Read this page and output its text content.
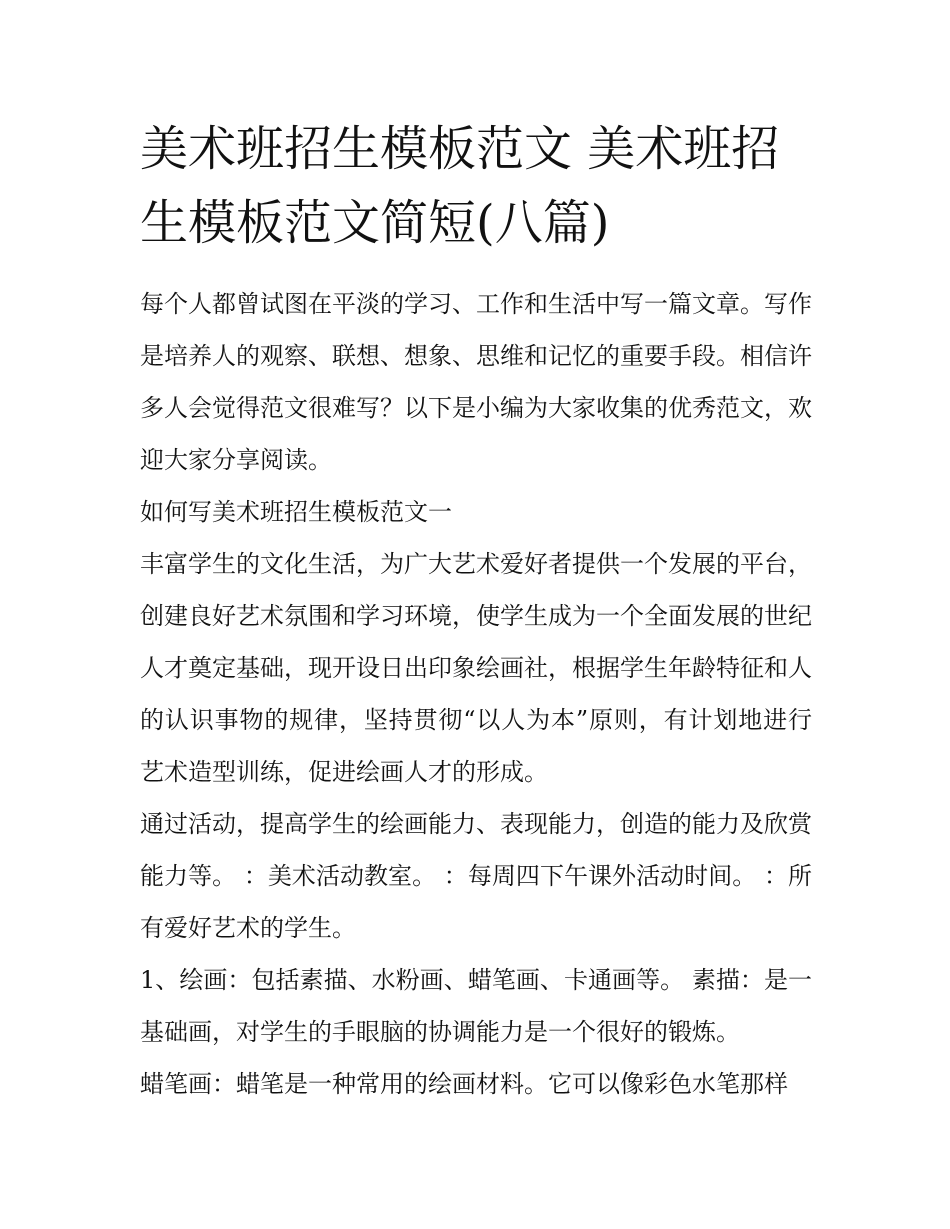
美术班招生模板范文 美术班招生模板范文简短(八篇)

每个人都曾试图在平淡的学习、工作和生活中写一篇文章。写作是培养人的观察、联想、想象、思维和记忆的重要手段。相信许多人会觉得范文很难写？以下是小编为大家收集的优秀范文，欢迎大家分享阅读。

如何写美术班招生模板范文一

丰富学生的文化生活，为广大艺术爱好者提供一个发展的平台，创建良好艺术氛围和学习环境，使学生成为一个全面发展的世纪人才奠定基础，现开设日出印象绘画社，根据学生年龄特征和人的认识事物的规律，坚持贯彻“以人为本”原则，有计划地进行艺术造型训练，促进绘画人才的形成。

通过活动，提高学生的绘画能力、表现能力，创造的能力及欣赏能力等。 ：美术活动教室。 ：每周四下午课外活动时间。 ：所有爱好艺术的学生。

1、绘画：包括素描、水粉画、蜡笔画、卡通画等。 素描：是一基础画，对学生的手眼脑的协调能力是一个很好的锻炼。

蜡笔画：蜡笔是一种常用的绘画材料。它可以像彩色水笔那样
